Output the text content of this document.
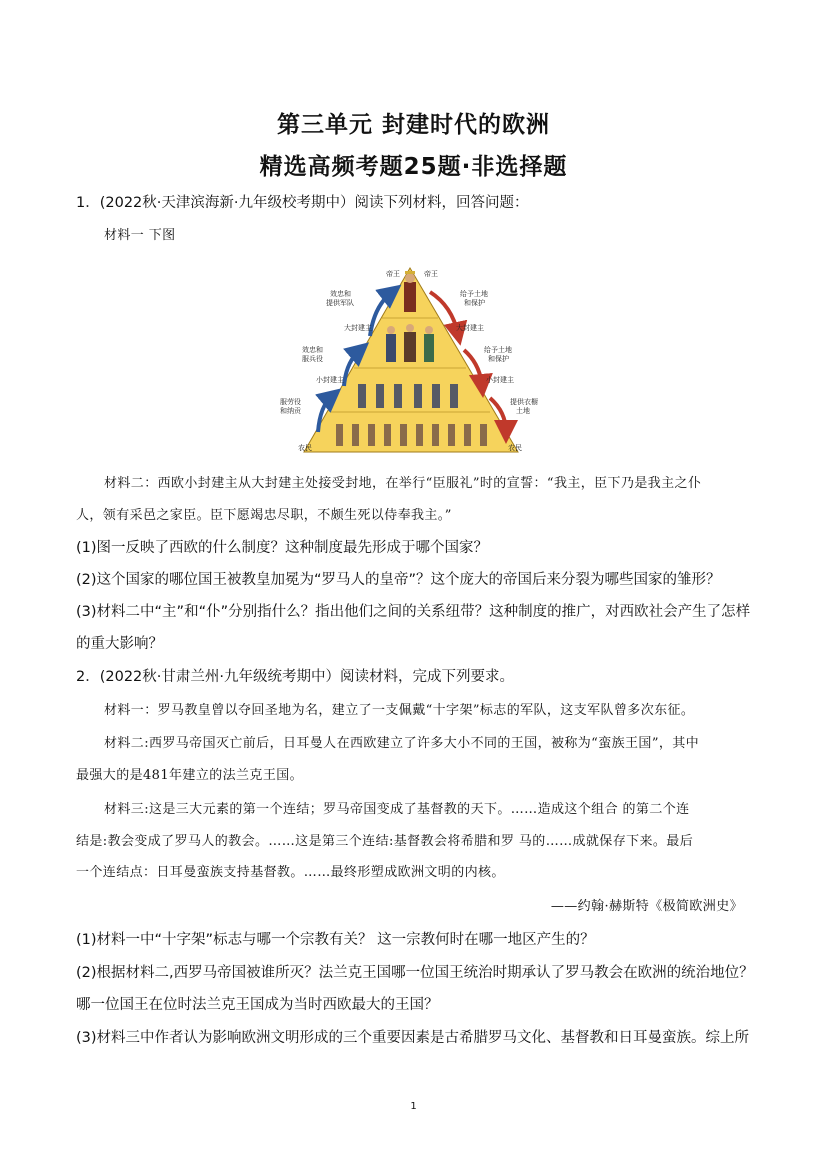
第三单元 封建时代的欧洲
精选高频考题25题·非选择题
1．(2022秋·天津滨海新·九年级校考期中）阅读下列材料，回答问题：
材料一 下图
帝王	帝王
大封建主	大封建主
小封建主	小封建主
农民	农民
效忠和
提供军队
效忠和
服兵役
服劳役
和纳贡
给予土地
和保护
给予土地
和保护
提供衣橱
土地
材料二：西欧小封建主从大封建主处接受封地，在举行“臣服礼”时的宣誓：“我主，臣下乃是我主之仆
人，领有采邑之家臣。臣下愿竭忠尽职，不颇生死以侍奉我主。”
(1)图一反映了西欧的什么制度？这种制度最先形成于哪个国家？
(2)这个国家的哪位国王被教皇加冕为“罗马人的皇帝”？这个庞大的帝国后来分裂为哪些国家的雏形？
(3)材料二中“主”和“仆”分别指什么？指出他们之间的关系纽带？这种制度的推广，对西欧社会产生了怎样
的重大影响？
2．(2022秋·甘肃兰州·九年级统考期中）阅读材料，完成下列要求。
材料一：罗马教皇曾以夺回圣地为名，建立了一支佩戴“十字架”标志的军队，这支军队曾多次东征。
材料二:西罗马帝国灭亡前后，日耳曼人在西欧建立了许多大小不同的王国，被称为“蛮族王国”，其中
最强大的是481年建立的法兰克王国。
材料三:这是三大元素的第一个连结；罗马帝国变成了基督教的天下。……造成这个组合 的第二个连
结是:教会变成了罗马人的教会。……这是第三个连结:基督教会将希腊和罗 马的……成就保存下来。最后
一个连结点：日耳曼蛮族支持基督教。……最终形塑成欧洲文明的内核。
——约翰·赫斯特《极简欧洲史》
(1)材料一中“十字架”标志与哪一个宗教有关？ 这一宗教何时在哪一地区产生的？
(2)根据材料二,西罗马帝国被谁所灭？法兰克王国哪一位国王统治时期承认了罗马教会在欧洲的统治地位？
哪一位国王在位时法兰克王国成为当时西欧最大的王国？
(3)材料三中作者认为影响欧洲文明形成的三个重要因素是古希腊罗马文化、基督教和日耳曼蛮族。综上所
1
